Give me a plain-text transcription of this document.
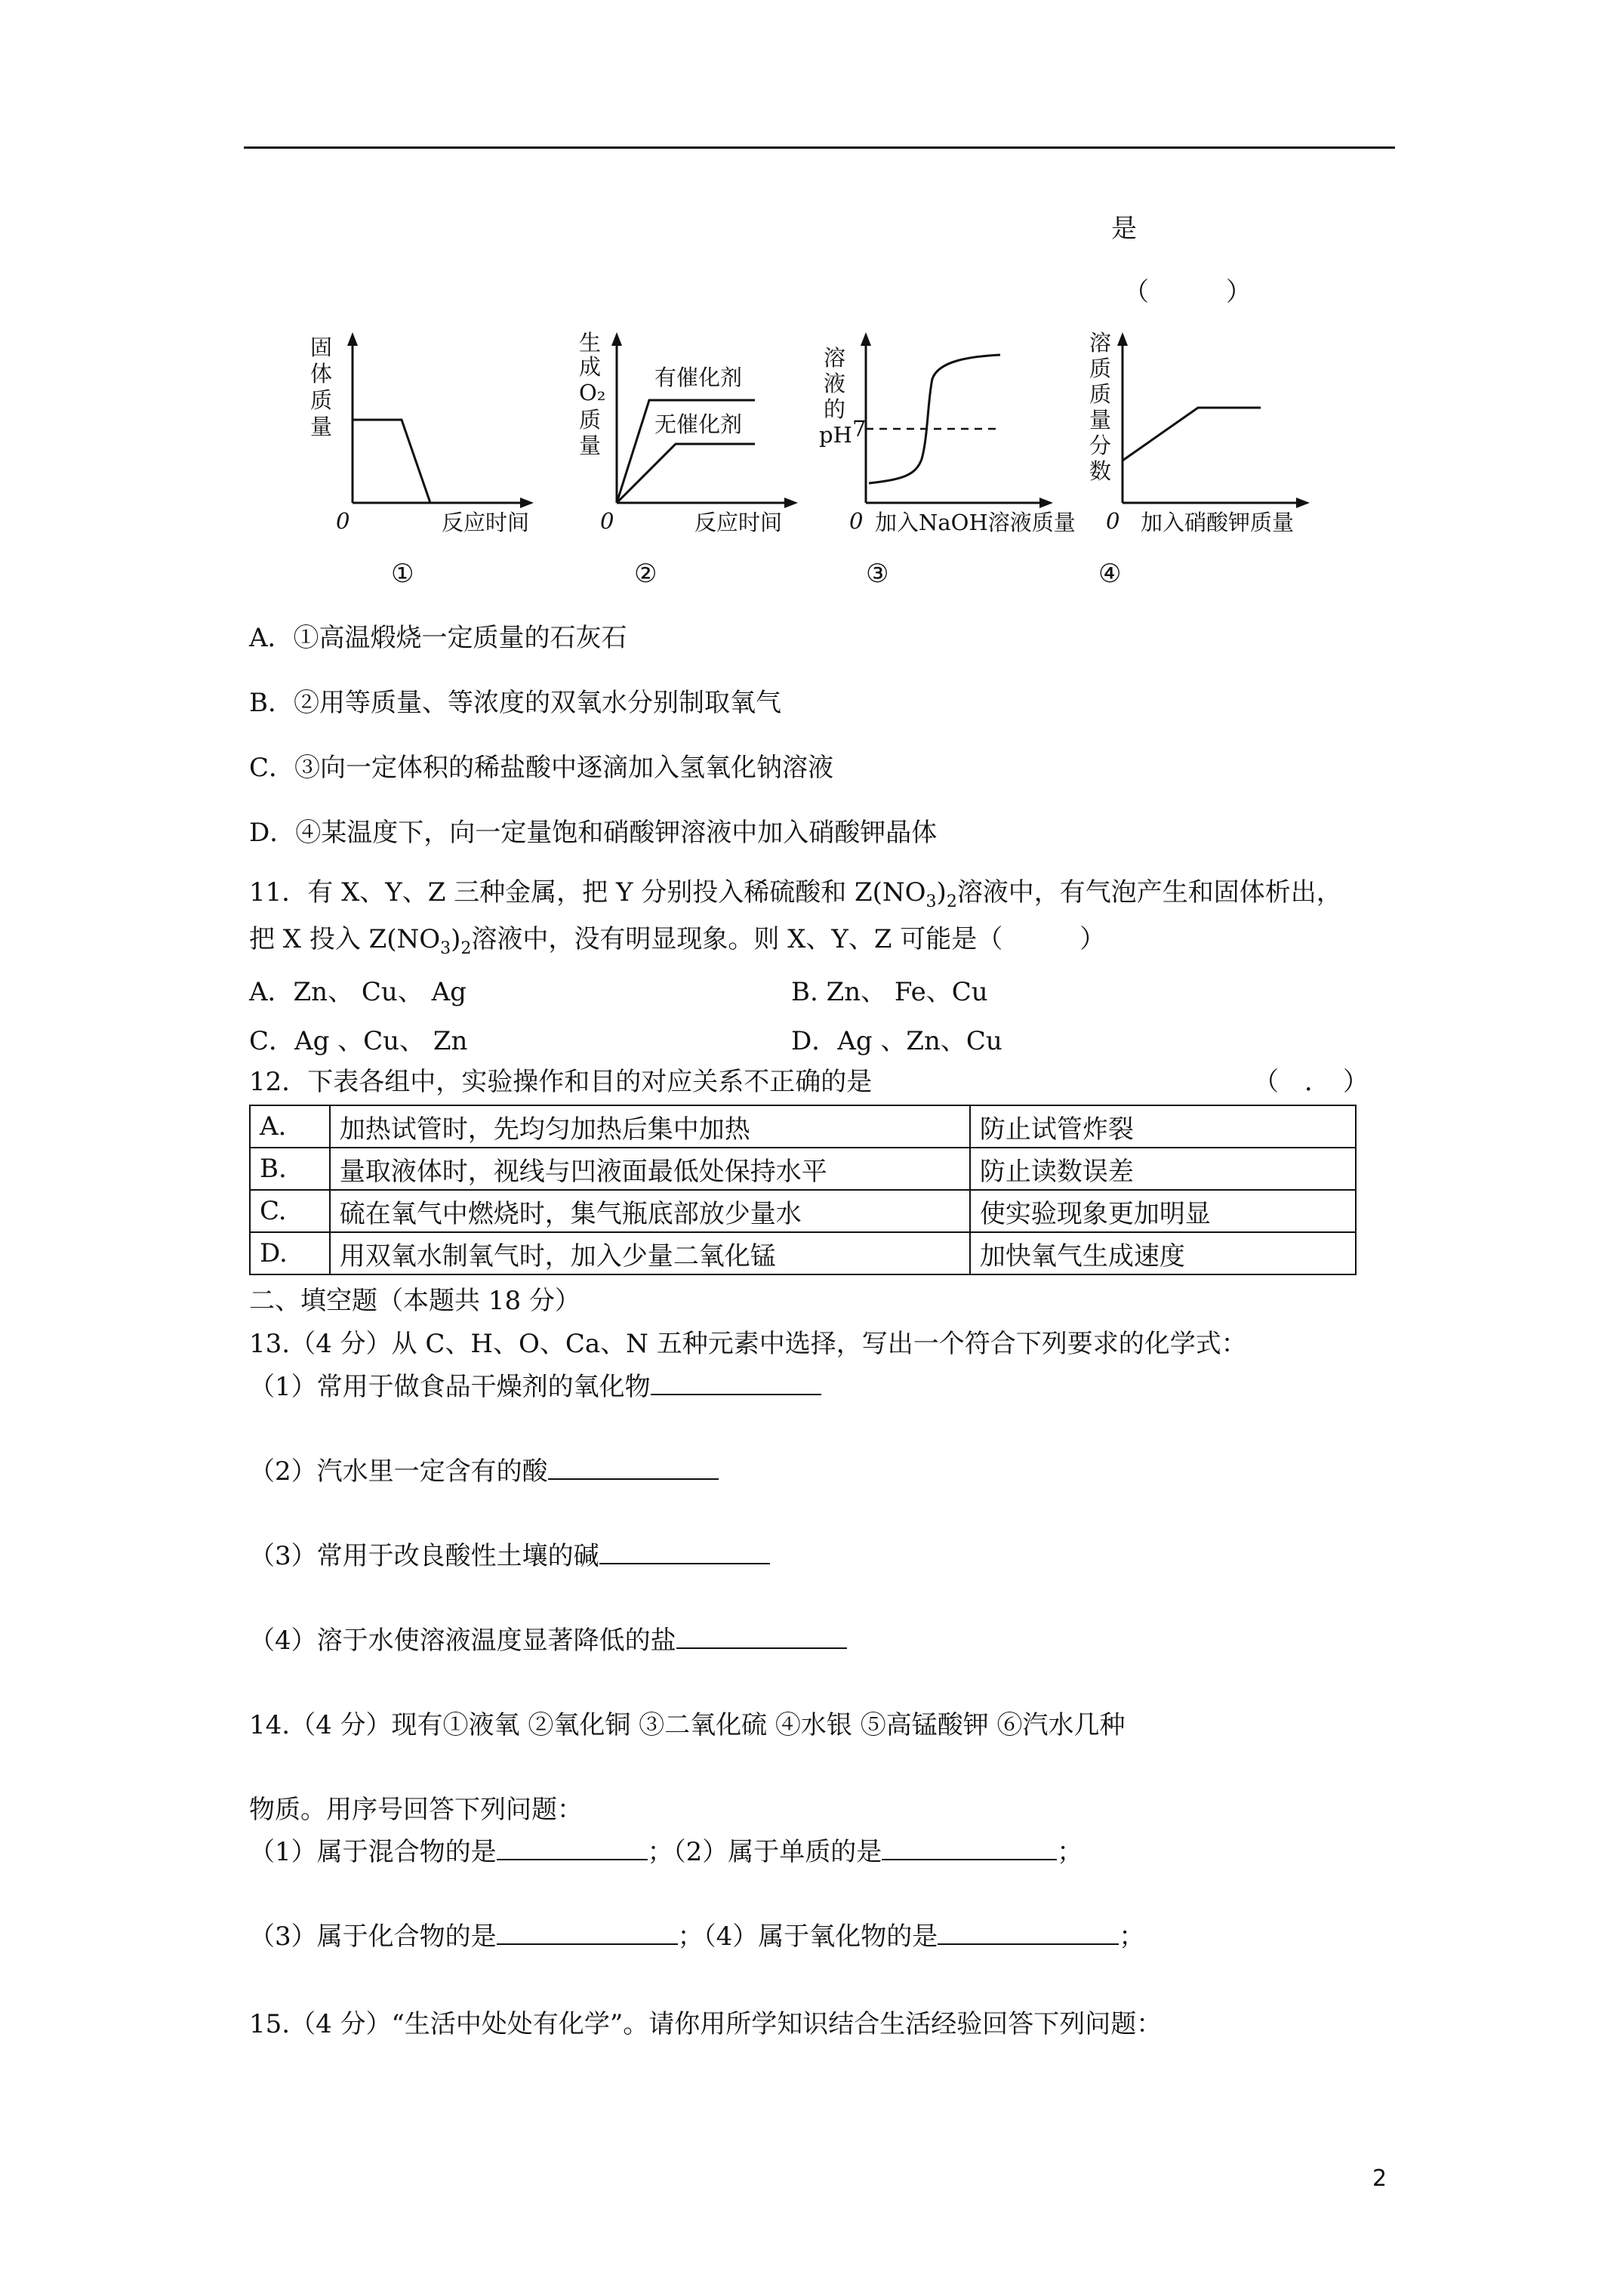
是
（　　　）
固
体
质
量
0	反应时间
①
生
成
O₂
质
量
有催化剂
无催化剂
0	反应时间
②
溶
液
的
pH 7
0 加入NaOH溶液质量
③
溶
质
质
量
分
数
0 加入硝酸钾质量
④
A．①高温煅烧一定质量的石灰石
B．②用等质量、等浓度的双氧水分别制取氧气
C．③向一定体积的稀盐酸中逐滴加入氢氧化钠溶液
D．④某温度下，向一定量饱和硝酸钾溶液中加入硝酸钾晶体
11．有 X、Y、Z 三种金属，把 Y 分别投入稀硫酸和 $Z(NO_3)_2$溶液中，有气泡产生和固体析出，
把 X 投入 $Z(NO_3)_2$溶液中，没有明显现象。则 X、Y、Z 可能是（　　　）
A．Zn、 Cu、 Ag	B. Zn、 Fe、Cu
C．Ag 、Cu、 Zn	D．Ag 、Zn、Cu
12．下表各组中，实验操作和目的对应关系不正确的是	（　．　）
A.	加热试管时，先均匀加热后集中加热	防止试管炸裂
B.	量取液体时，视线与凹液面最低处保持水平	防止读数误差
C.	硫在氧气中燃烧时，集气瓶底部放少量水	使实验现象更加明显
D.	用双氧水制氧气时，加入少量二氧化锰	加快氧气生成速度
二、填空题（本题共 18 分）
13.（4 分）从 C、H、O、Ca、N 五种元素中选择，写出一个符合下列要求的化学式：
（1）常用于做食品干燥剂的氧化物
（2）汽水里一定含有的酸
（3）常用于改良酸性土壤的碱
（4）溶于水使溶液温度显著降低的盐
14.（4 分）现有①液氧 ②氧化铜 ③二氧化硫 ④水银 ⑤高锰酸钾 ⑥汽水几种
物质。用序号回答下列问题：
（1）属于混合物的是	；（2）属于单质的是	；
（3）属于化合物的是	；（4）属于氧化物的是	；
15.（4 分）“生活中处处有化学”。请你用所学知识结合生活经验回答下列问题：
2
